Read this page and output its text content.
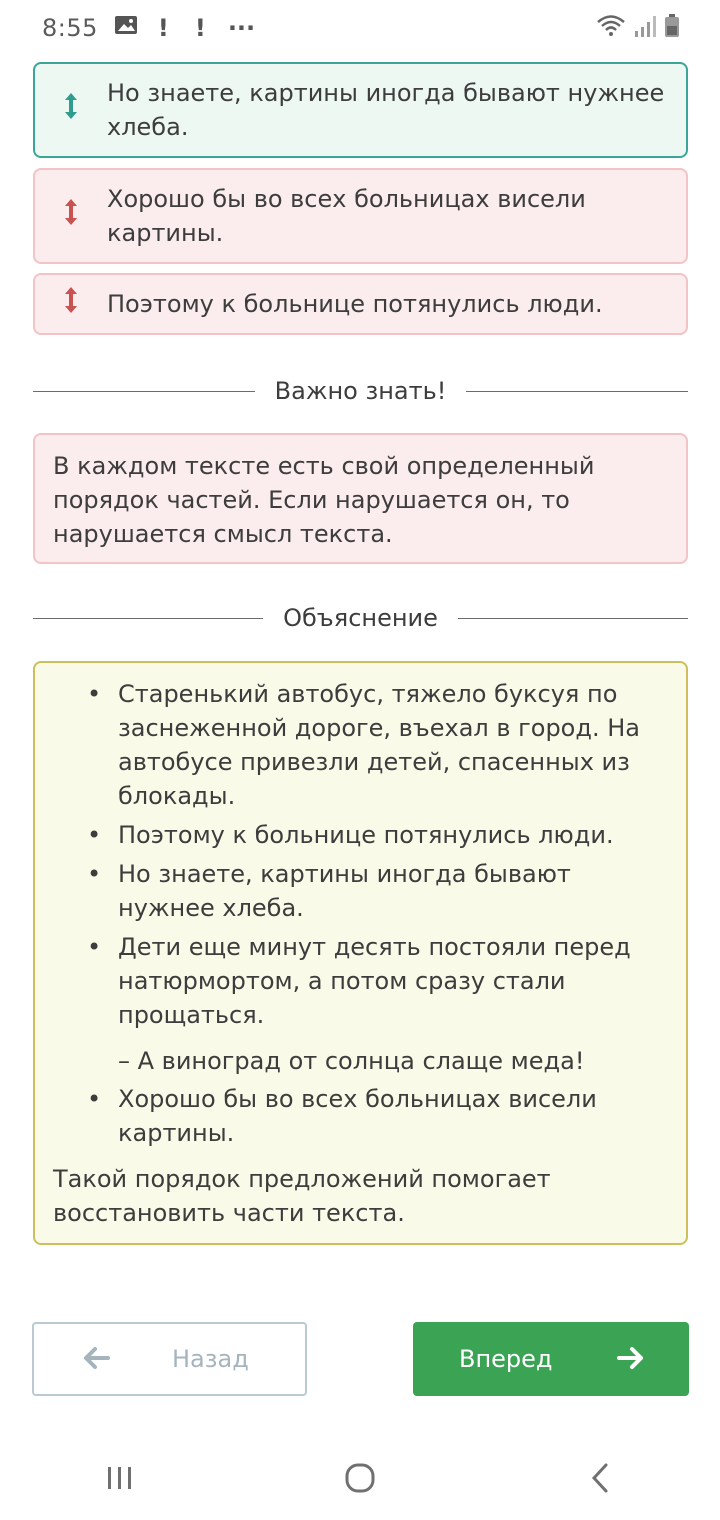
8:55	! ! ···
Но знаете, картины иногда бывают нужнее хлеба.
Хорошо бы во всех больницах висели картины.
Поэтому к больнице потянулись люди.
Важно знать!
В каждом тексте есть свой определенный порядок частей. Если нарушается он, то нарушается смысл текста.
Объяснение
• Старенький автобус, тяжело буксуя по заснеженной дороге, въехал в город. На автобусе привезли детей, спасенных из блокады.
• Поэтому к больнице потянулись люди.
• Но знаете, картины иногда бывают нужнее хлеба.
• Дети еще минут десять постояли перед натюрмортом, а потом сразу стали прощаться.
– А виноград от солнца слаще меда!
• Хорошо бы во всех больницах висели картины.
Такой порядок предложений помогает восстановить части текста.
Назад	Вперед
